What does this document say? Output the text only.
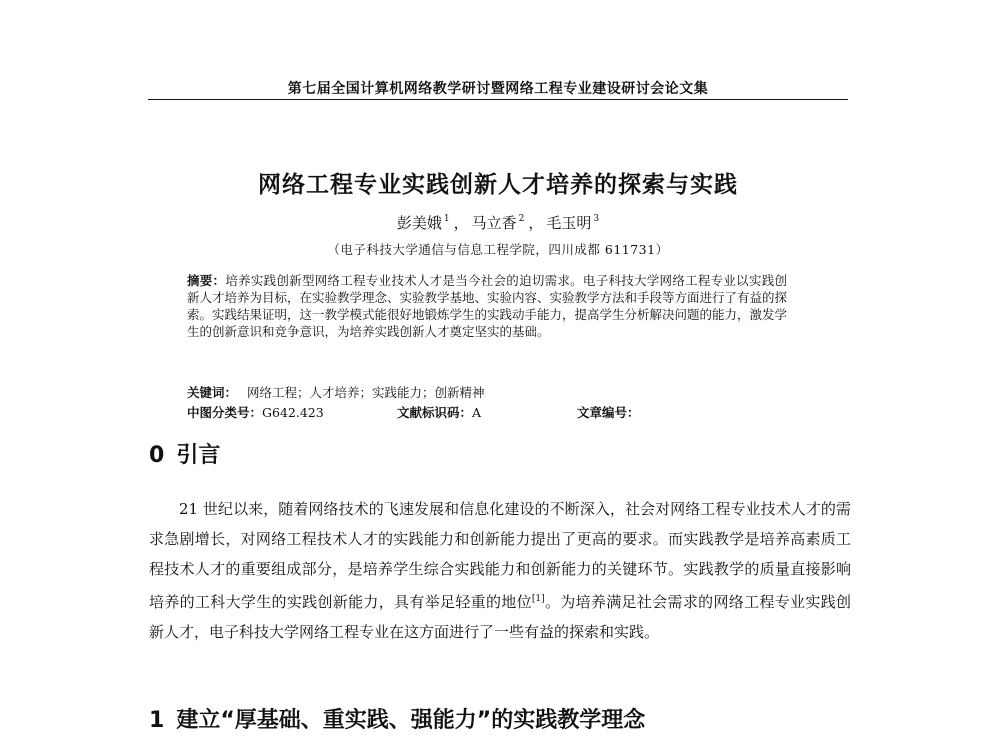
第七届全国计算机网络教学研讨暨网络工程专业建设研讨会论文集
网络工程专业实践创新人才培养的探索与实践
彭美娥 $^1$ ， 马立香 $^2$ ， 毛玉明 $^3$
（电子科技大学通信与信息工程学院，四川成都 611731）
摘要：培养实践创新型网络工程专业技术人才是当今社会的迫切需求。电子科技大学网络工程专业以实践创新人才培养为目标，在实验教学理念、实验教学基地、实验内容、实验教学方法和手段等方面进行了有益的探索。实践结果证明，这一教学模式能很好地锻炼学生的实践动手能力，提高学生分析解决问题的能力，激发学生的创新意识和竞争意识，为培养实践创新人才奠定坚实的基础。
关键词： 网络工程；人才培养；实践能力；创新精神
中图分类号：G642.423	文献标识码：A	文章编号：
0 引言
21 世纪以来，随着网络技术的飞速发展和信息化建设的不断深入，社会对网络工程专业技术人才的需求急剧增长，对网络工程技术人才的实践能力和创新能力提出了更高的要求。而实践教学是培养高素质工程技术人才的重要组成部分，是培养学生综合实践能力和创新能力的关键环节。实践教学的质量直接影响培养的工科大学生的实践创新能力，具有举足轻重的地位[1]。为培养满足社会需求的网络工程专业实践创新人才，电子科技大学网络工程专业在这方面进行了一些有益的探索和实践。
1 建立“厚基础、重实践、强能力”的实践教学理念
